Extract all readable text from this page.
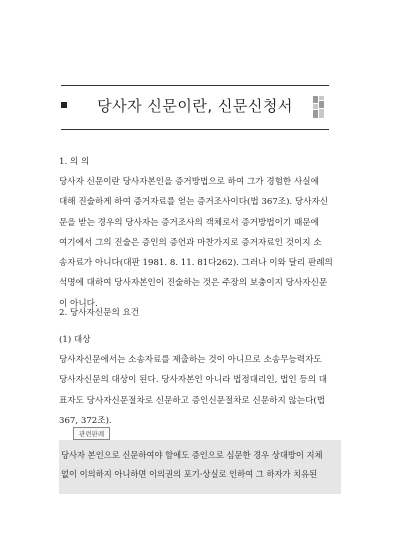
당사자 신문이란, 신문신청서
1. 의 의
당사자 신문이란 당사자본인을 증거방법으로 하여 그가 경험한 사실에
대해 진술하게 하여 증거자료를 얻는 증거조사이다(법 367조). 당사자신
문을 받는 경우의 당사자는 증거조사의 객체로서 증거방법이기 때문에
여기에서 그의 진술은 증인의 증언과 마찬가지로 증거자료인 것이지 소
송자료가 아니다(대판 1981. 8. 11. 81다262). 그러나 이와 달리 판례의
석명에 대하여 당사자본인이 진술하는 것은 주장의 보충이지 당사자신문
이 아니다.
2. 당사자신문의 요건
(1) 대상
당사자신문에서는 소송자료를 제출하는 것이 아니므로 소송무능력자도
당사자신문의 대상이 된다. 당사자본인 아니라 법정대리인, 법인 등의 대
표자도 당사자신문절차로 신문하고 증인신문절차로 신문하지 않는다(법
367, 372조).
관련판례
당사자 본인으로 신문하여야 함에도 증인으로 심문한 경우 상대방이 지체
없이 이의하지 아니하면 이의권의 포기·상실로 인하여 그 하자가 치유된
